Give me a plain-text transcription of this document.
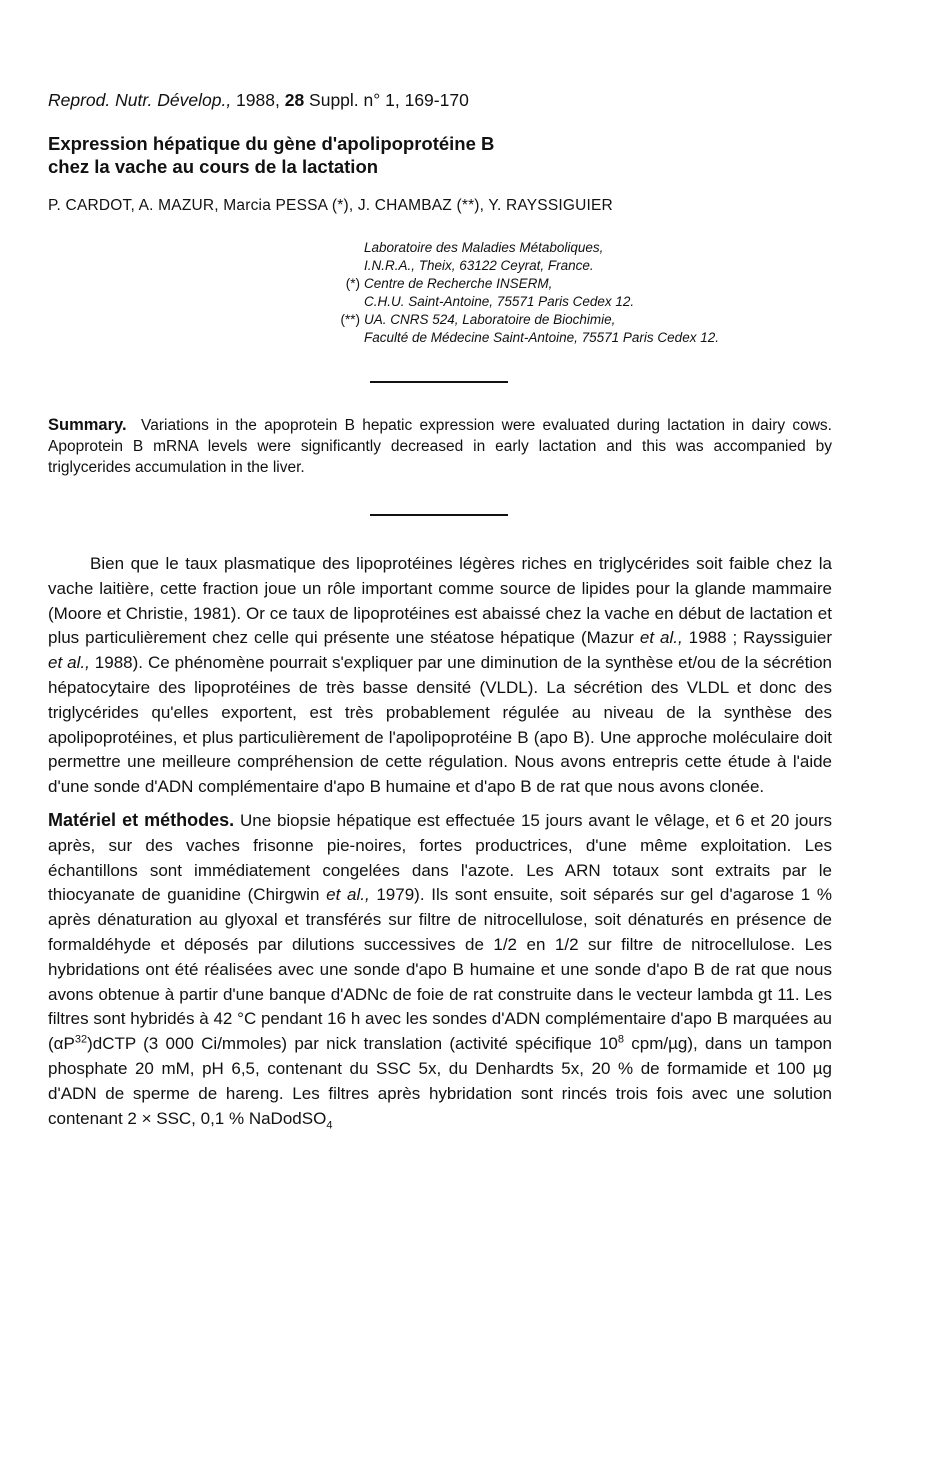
Reprod. Nutr. Dévelop., 1988, 28 Suppl. n° 1, 169-170
Expression hépatique du gène d'apolipoprotéine B
chez la vache au cours de la lactation
P. CARDOT, A. MAZUR, Marcia PESSA (*), J. CHAMBAZ (**), Y. RAYSSIGUIER
Laboratoire des Maladies Métaboliques,
I.N.R.A., Theix, 63122 Ceyrat, France.
(*) Centre de Recherche INSERM,
C.H.U. Saint-Antoine, 75571 Paris Cedex 12.
(**) UA. CNRS 524, Laboratoire de Biochimie,
Faculté de Médecine Saint-Antoine, 75571 Paris Cedex 12.
Summary. Variations in the apoprotein B hepatic expression were evaluated during lactation in dairy cows. Apoprotein B mRNA levels were significantly decreased in early lactation and this was accompanied by triglycerides accumulation in the liver.

Bien que le taux plasmatique des lipoprotéines légères riches en triglycérides soit faible chez la vache laitière, cette fraction joue un rôle important comme source de lipides pour la glande mammaire (Moore et Christie, 1981). Or ce taux de lipoprotéines est abaissé chez la vache en début de lactation et plus particulièrement chez celle qui présente une stéatose hépatique (Mazur et al., 1988 ; Rayssiguier et al., 1988). Ce phénomène pourrait s'expliquer par une diminution de la synthèse et/ou de la sécrétion hépatocytaire des lipoprotéines de très basse densité (VLDL). La sécrétion des VLDL et donc des triglycérides qu'elles exportent, est très probablement régulée au niveau de la synthèse des apolipoprotéines, et plus particulièrement de l'apolipoprotéine B (apo B). Une approche moléculaire doit permettre une meilleure compréhension de cette régulation. Nous avons entrepris cette étude à l'aide d'une sonde d'ADN complémentaire d'apo B humaine et d'apo B de rat que nous avons clonée.

Matériel et méthodes. Une biopsie hépatique est effectuée 15 jours avant le vêlage, et 6 et 20 jours après, sur des vaches frisonne pie-noires, fortes productrices, d'une même exploitation. Les échantillons sont immédiatement congelées dans l'azote. Les ARN totaux sont extraits par le thiocyanate de guanidine (Chirgwin et al., 1979). Ils sont ensuite, soit séparés sur gel d'agarose 1 % après dénaturation au glyoxal et transférés sur filtre de nitrocellulose, soit dénaturés en présence de formaldéhyde et déposés par dilutions successives de 1/2 en 1/2 sur filtre de nitrocellulose. Les hybridations ont été réalisées avec une sonde d'apo B humaine et une sonde d'apo B de rat que nous avons obtenue à partir d'une banque d'ADNc de foie de rat construite dans le vecteur lambda gt 11. Les filtres sont hybridés à 42 °C pendant 16 h avec les sondes d'ADN complémentaire d'apo B marquées au $(\alpha P^{32})dCTP$ (3 000 Ci/mmoles) par nick translation (activité spécifique $10^8$ cpm/µg), dans un tampon phosphate 20 mM, pH 6,5, contenant du SSC 5x, du Denhardts 5x, 20 % de formamide et 100 µg d'ADN de sperme de hareng. Les filtres après hybridation sont rincés trois fois avec une solution contenant 2 × SSC, 0,1 % NaDodSO$_4$
